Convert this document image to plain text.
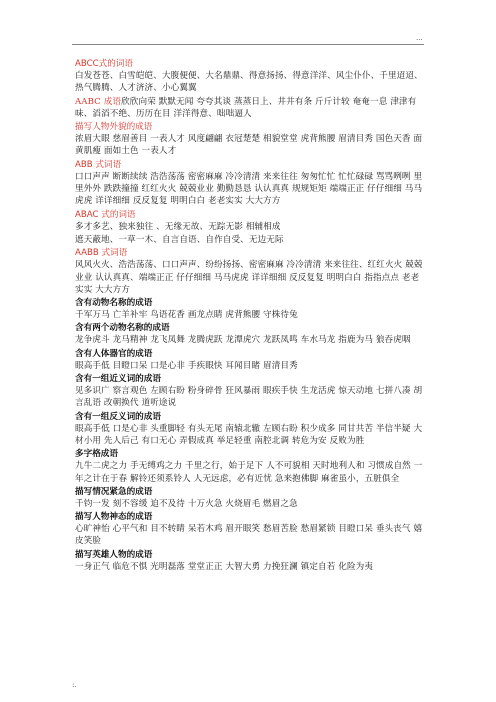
...

ABCC式的词语

白发苍苍、白雪皑皑、大腹便便、大名鼎鼎、得意扬扬、得意洋洋、风尘仆仆、千里迢迢、热气腾腾、人才济济、小心翼翼

AABC 成语欣欣向荣 默默无闻 夸夸其谈 蒸蒸日上、井井有条 斤斤计较 奄奄一息 津津有味、滔滔不绝、历历在目 洋洋得意、咄咄逼人

描写人物外貌的成语

浓眉大眼 慈眉善目 一表人才 风度翩翩 衣冠楚楚 相貌堂堂 虎背熊腰 眉清目秀 国色天香 面黄肌瘦 面如土色 一表人才

ABB 式词语

口口声声 断断续续 浩浩荡荡 密密麻麻 冷冷清清 来来往往 匆匆忙忙 忙忙碌碌 骂骂咧咧 里里外外 跌跌撞撞 红红火火 兢兢业业 勤勤恳恳 认认真真 规规矩矩 端端正正 仔仔细细 马马虎虎 详详细细 反反复复 明明白白 老老实实 大大方方

ABAC 式的词语

多才多艺、独来独往 、无缘无故、无踪无影 相辅相成

遮天蔽地、一草一木、自言自语、自作自受、无边无际

AABB 式词语

风风火火、浩浩荡荡、口口声声、纷纷扬扬、密密麻麻 冷冷清清 来来往往、红红火火 兢兢业业 认认真真、端端正正 仔仔细细 马马虎虎 详详细细 反反复复 明明白白 指指点点 老老实实 大大方方

含有动物名称的成语

千军万马 亡羊补牢 鸟语花香 画龙点睛 虎背熊腰 守株待兔

含有两个动物名称的成语

龙争虎斗 龙马精神 龙飞凤舞 龙腾虎跃 龙潭虎穴 龙跃凤鸣 车水马龙 指鹿为马 狼吞虎咽

含有人体器官的成语

眼高手低 目瞪口呆 口是心非 手疾眼快 耳闻目睹 眉清目秀

含有一组近义词的成语

见多识广 察言观色 左顾右盼 粉身碎骨 狂风暴雨 眼疾手快 生龙活虎 惊天动地 七拼八凑 胡言乱语 改朝换代 道听途说

含有一组反义词的成语

眼高手低 口是心非 头重脚轻 有头无尾 南辕北辙 左顾右盼 积少成多 同甘共苦 半信半疑 大材小用 先人后己 有口无心 弄假成真 举足轻重 南腔北调 转危为安 反败为胜

多字格成语

九牛二虎之力 手无缚鸡之力 千里之行，始于足下 人不可貌相 天时地利人和 习惯成自然 一年之计在于春 解铃还须系铃人 人无远虑，必有近忧 急来抱佛脚 麻雀虽小，五脏俱全

描写情况紧急的成语

千钧一发 刻不容缓 迫不及待 十万火急 火烧眉毛 燃眉之急

描写人物神态的成语

心旷神怡 心平气和 目不转睛 呆若木鸡 眉开眼笑 愁眉苦脸 愁眉紧锁 目瞪口呆 垂头丧气 嬉皮笑脸

描写英雄人物的成语

一身正气 临危不惧 光明磊落 堂堂正正 大智大勇 力挽狂澜 镇定自若 化险为夷

:.
